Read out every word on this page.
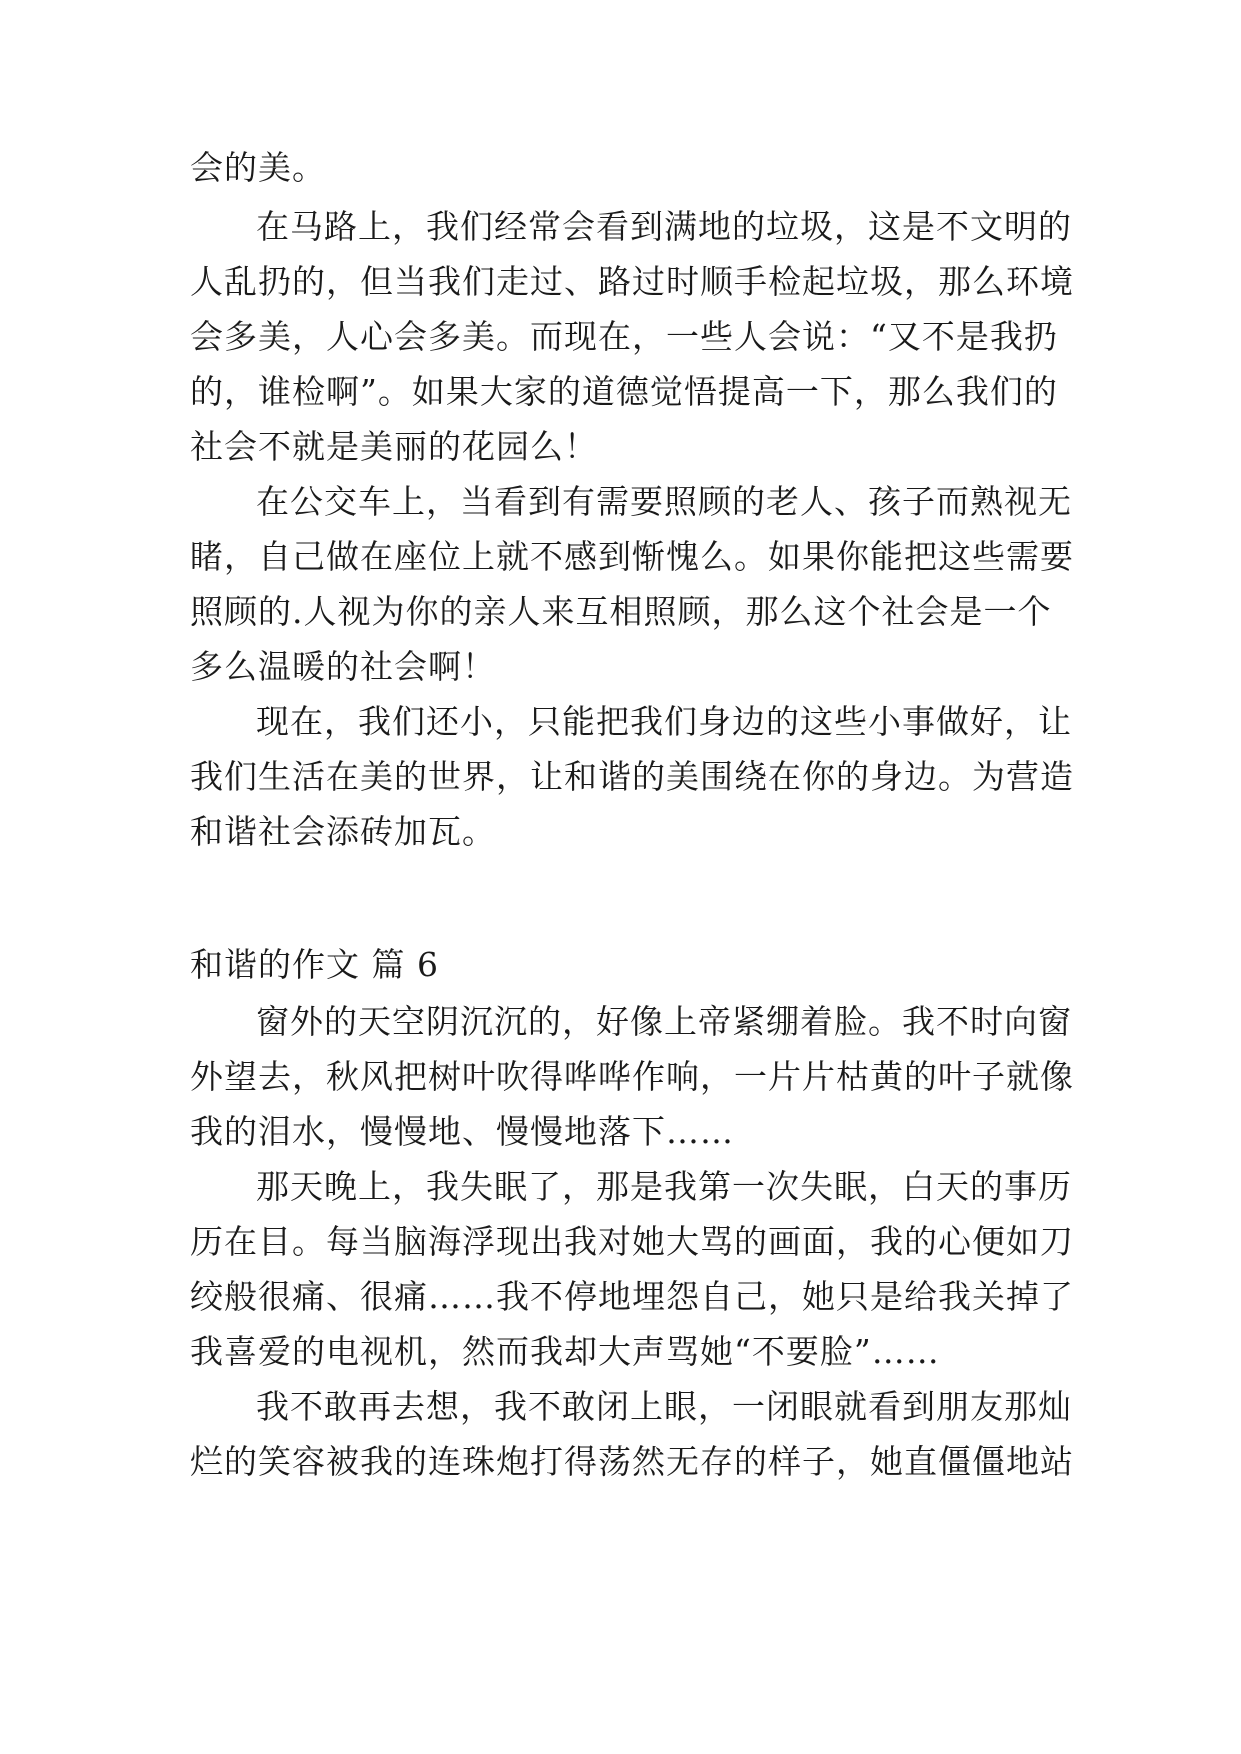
会的美。
在马路上，我们经常会看到满地的垃圾，这是不文明的
人乱扔的，但当我们走过、路过时顺手检起垃圾，那么环境
会多美，人心会多美。而现在，一些人会说：“又不是我扔
的，谁检啊”。如果大家的道德觉悟提高一下，那么我们的
社会不就是美丽的花园么！
在公交车上，当看到有需要照顾的老人、孩子而熟视无
睹，自己做在座位上就不感到惭愧么。如果你能把这些需要
照顾的.人视为你的亲人来互相照顾，那么这个社会是一个
多么温暖的社会啊！
现在，我们还小，只能把我们身边的这些小事做好，让
我们生活在美的世界，让和谐的美围绕在你的身边。为营造
和谐社会添砖加瓦。
和谐的作文 篇 6
窗外的天空阴沉沉的，好像上帝紧绷着脸。我不时向窗
外望去，秋风把树叶吹得哗哗作响，一片片枯黄的叶子就像
我的泪水，慢慢地、慢慢地落下……
那天晚上，我失眠了，那是我第一次失眠，白天的事历
历在目。每当脑海浮现出我对她大骂的画面，我的心便如刀
绞般很痛、很痛……我不停地埋怨自己，她只是给我关掉了
我喜爱的电视机，然而我却大声骂她“不要脸”……
我不敢再去想，我不敢闭上眼，一闭眼就看到朋友那灿
烂的笑容被我的连珠炮打得荡然无存的样子，她直僵僵地站
